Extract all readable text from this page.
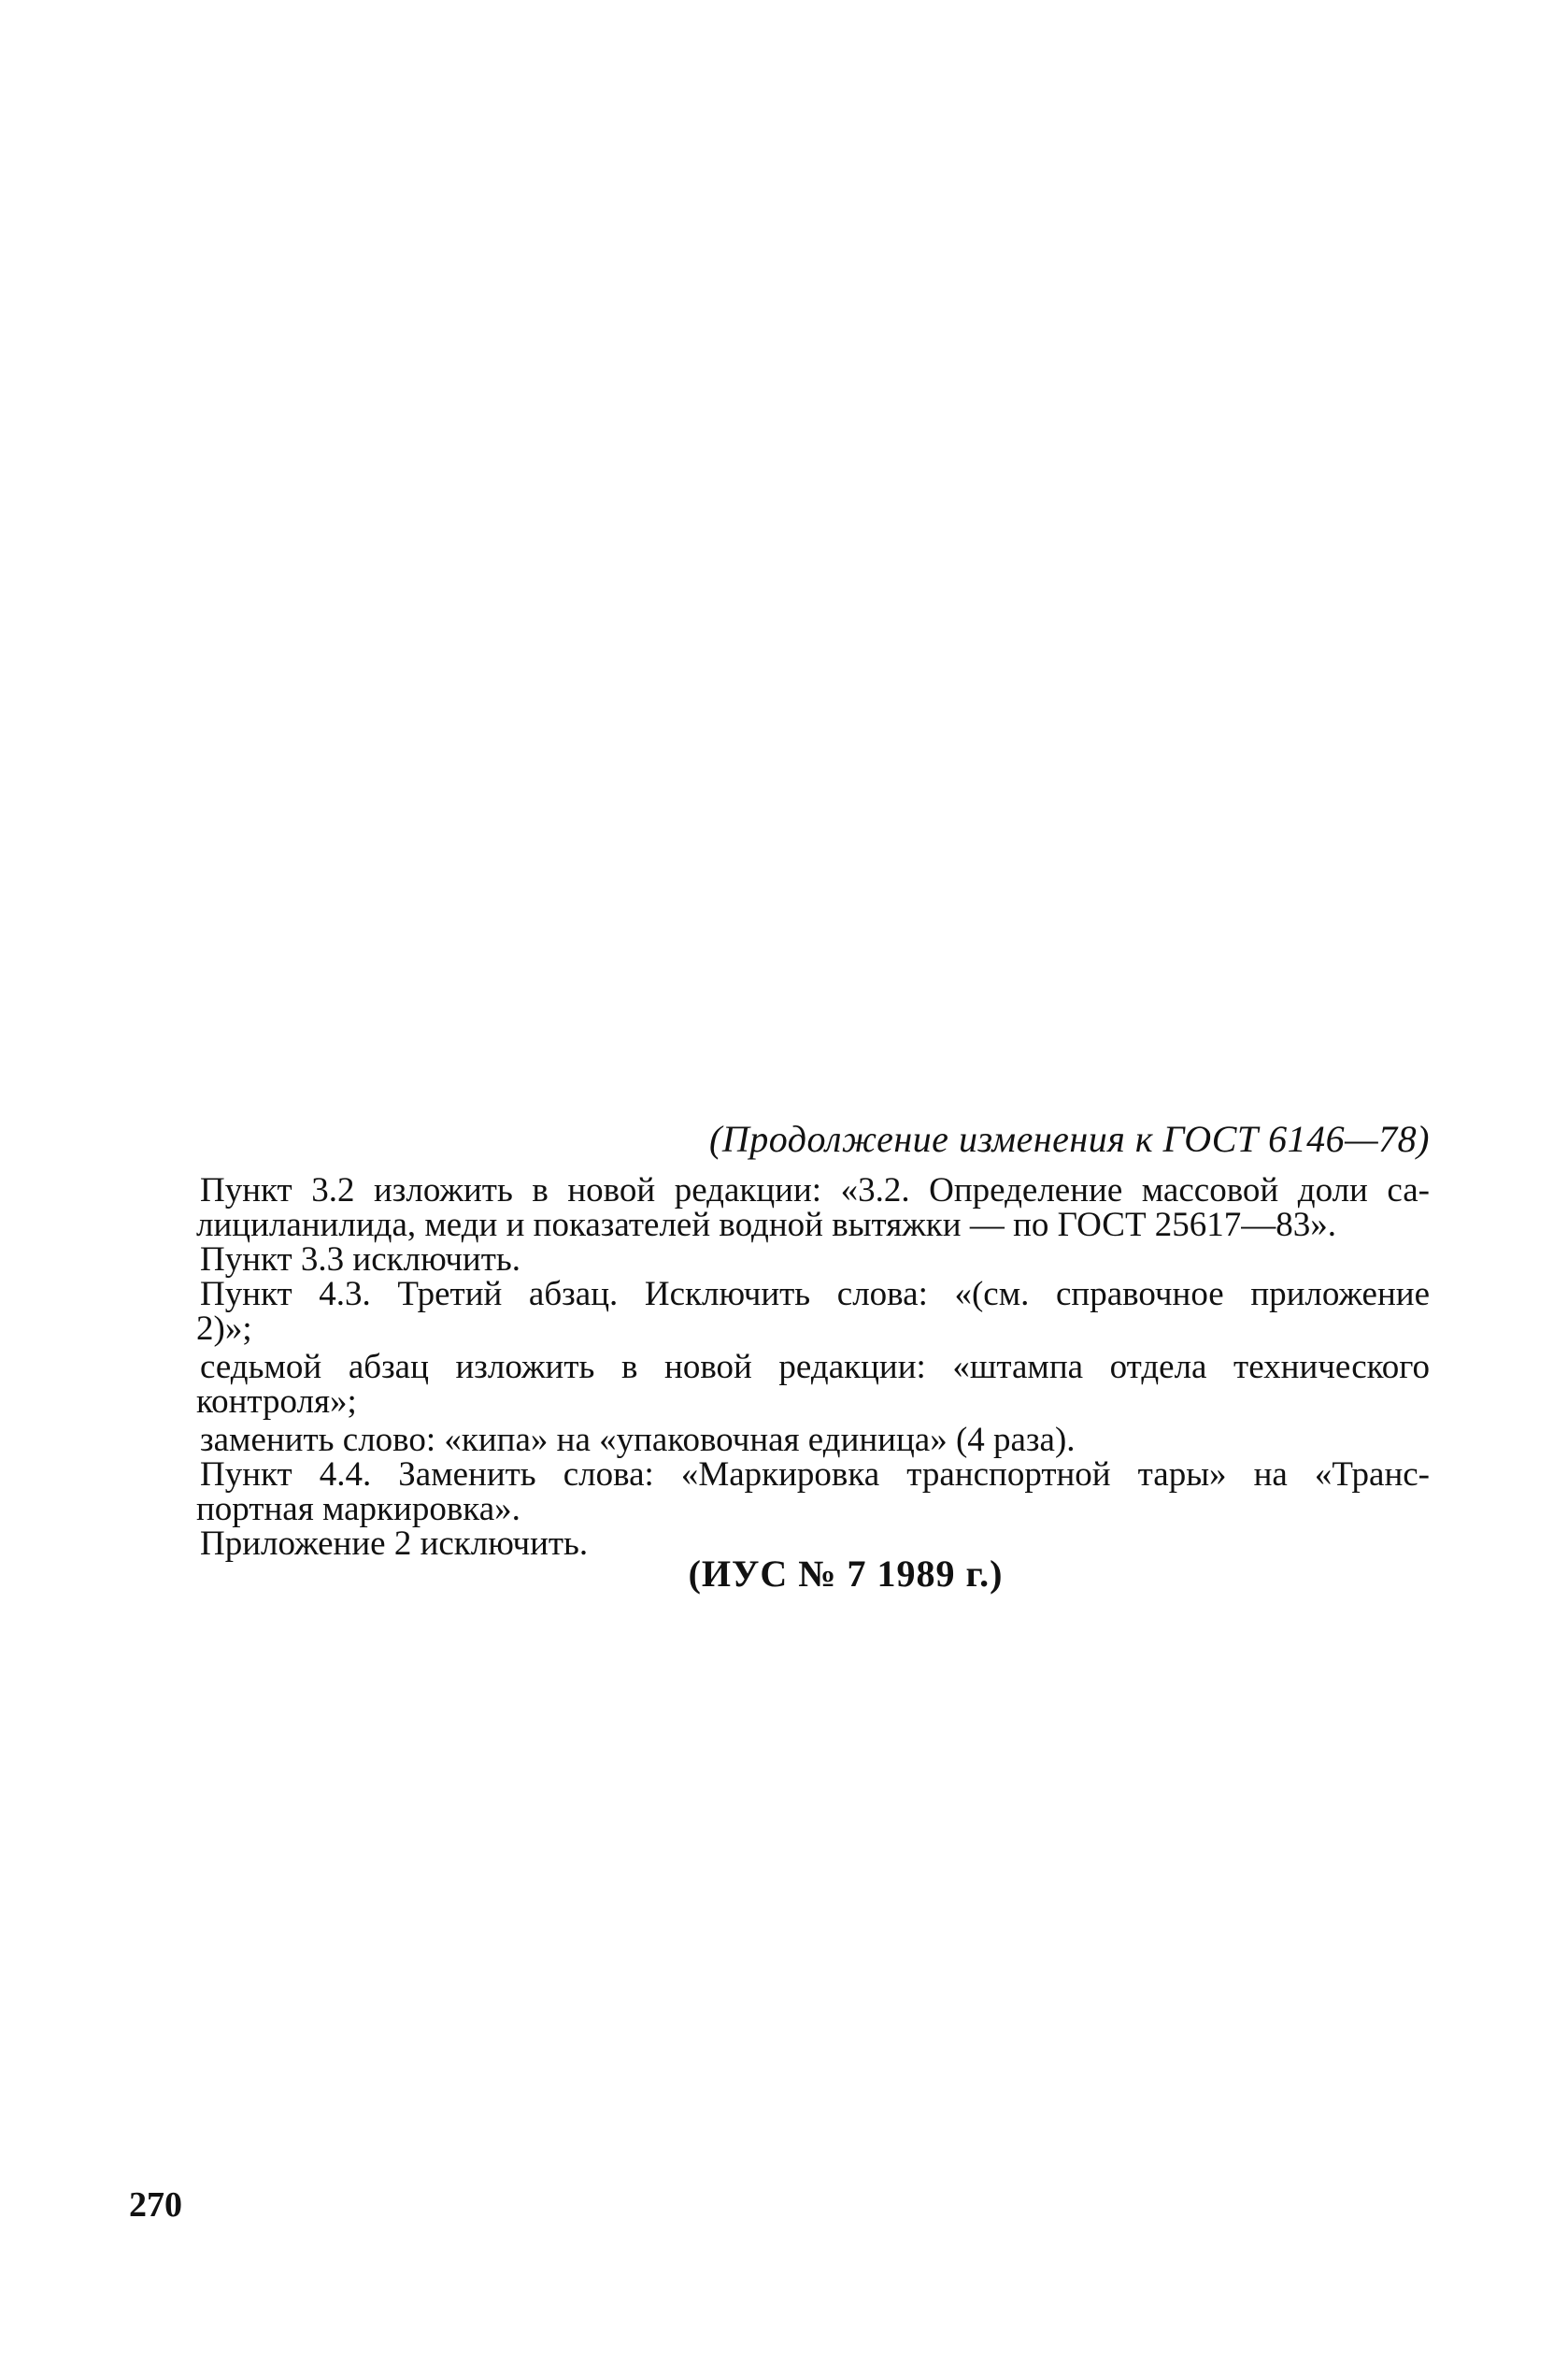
(Продолжение изменения к ГОСТ 6146—78)
Пункт 3.2 изложить в новой редакции: «3.2. Определение массовой доли са-
лициланилида, меди и показателей водной вытяжки — по ГОСТ 25617—83».
Пункт 3.3 исключить.
Пункт 4.3. Третий абзац. Исключить слова: «(см. справочное приложение
2)»;
седьмой абзац изложить в новой редакции: «штампа отдела технического
контроля»;
заменить слово: «кипа» на «упаковочная единица» (4 раза).
Пункт 4.4. Заменить слова: «Маркировка транспортной тары» на «Транс-
портная маркировка».
Приложение 2 исключить.
(ИУС № 7 1989 г.)
270
